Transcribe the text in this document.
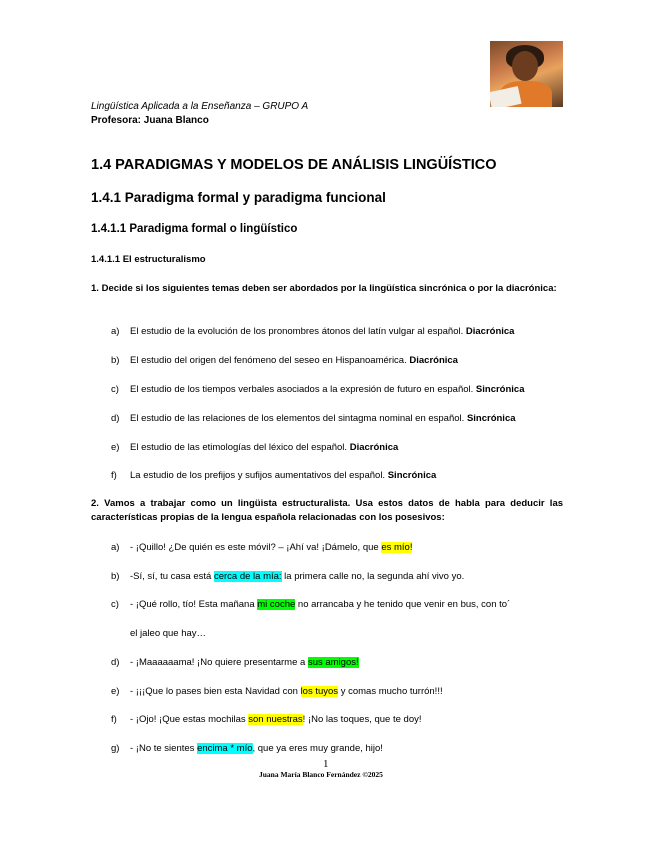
Lingüística Aplicada a la Enseñanza – GRUPO A
Profesora: Juana Blanco
1.4 PARADIGMAS Y MODELOS DE ANÁLISIS LINGÜÍSTICO
1.4.1 Paradigma formal y paradigma funcional
1.4.1.1 Paradigma formal o lingüístico
1.4.1.1 El estructuralismo
1. Decide si los siguientes temas deben ser abordados por la lingüística sincrónica o por la diacrónica:
a) El estudio de la evolución de los pronombres átonos del latín vulgar al español. Diacrónica
b) El estudio del origen del fenómeno del seseo en Hispanoamérica. Diacrónica
c) El estudio de los tiempos verbales asociados a la expresión de futuro en español. Sincrónica
d) El estudio de las relaciones de los elementos del sintagma nominal en español. Sincrónica
e) El estudio de las etimologías del léxico del español. Diacrónica
f) La estudio de los prefijos y sufijos aumentativos del español. Sincrónica
2. Vamos a trabajar como un lingüista estructuralista. Usa estos datos de habla para deducir las características propias de la lengua española relacionadas con los posesivos:
a) - ¡Quillo! ¿De quién es este móvil? – ¡Ahí va! ¡Dámelo, que es mío!
b) -Sí, sí, tu casa está cerca de la mía: la primera calle no, la segunda ahí vivo yo.
c) - ¡Qué rollo, tío! Esta mañana mi coche no arrancaba y he tenido que venir en bus, con to´
el jaleo que hay…
d) - ¡Maaaaaama! ¡No quiere presentarme a sus amigos!
e) - ¡¡¡Que lo pases bien esta Navidad con los tuyos y comas mucho turrón!!!
f) - ¡Ojo! ¡Que estas mochilas son nuestras! ¡No las toques, que te doy!
g) - ¡No te sientes encima * mío, que ya eres muy grande, hijo!
1
Juana María Blanco Fernández ©2025
